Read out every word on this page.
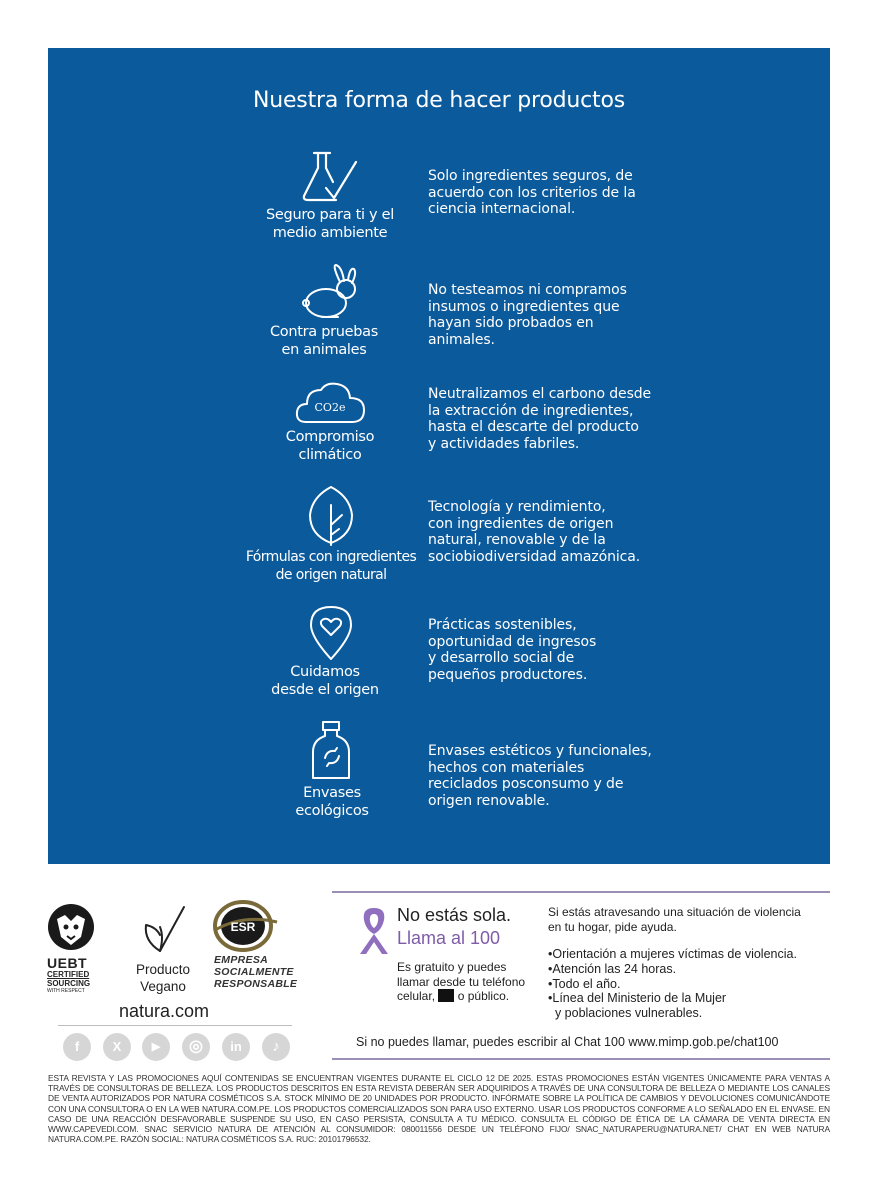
Nuestra forma de hacer productos
Seguro para ti y el
medio ambiente
Solo ingredientes seguros, de
acuerdo con los criterios de la
ciencia internacional.
Contra pruebas
en animales
No testeamos ni compramos
insumos o ingredientes que
hayan sido probados en
animales.
CO2e
Compromiso
climático
Neutralizamos el carbono desde
la extracción de ingredientes,
hasta el descarte del producto
y actividades fabriles.
Fórmulas con ingredientes
de origen natural
Tecnología y rendimiento,
con ingredientes de origen
natural, renovable y de la
sociobiodiversidad amazónica.
Cuidamos
desde el origen
Prácticas sostenibles,
oportunidad de ingresos
y desarrollo social de
pequeños productores.
Envases
ecológicos
Envases estéticos y funcionales,
hechos con materiales
reciclados posconsumo y de
origen renovable.
UEBT
CERTIFIED
SOURCING
WITH RESPECT
Producto
Vegano
ESR
EMPRESA
SOCIALMENTE
RESPONSABLE
natura.com
f	X	▶	◎	in	♪
No estás sola.
Llama al 100
Es gratuito y puedes llamar desde tu teléfono celular, o público.
Si estás atravesando una situación de violencia en tu hogar, pide ayuda.
•Orientación a mujeres víctimas de violencia.
•Atención las 24 horas.
•Todo el año.
•Línea del Ministerio de la Mujer
y poblaciones vulnerables.
Si no puedes llamar, puedes escribir al Chat 100 www.mimp.gob.pe/chat100
ESTA REVISTA Y LAS PROMOCIONES AQUÍ CONTENIDAS SE ENCUENTRAN VIGENTES DURANTE EL CICLO 12 DE 2025. ESTAS PROMOCIONES ESTÁN VIGENTES ÚNICAMENTE PARA VENTAS A TRAVÉS DE CONSULTORAS DE BELLEZA. LOS PRODUCTOS DESCRITOS EN ESTA REVISTA DEBERÁN SER ADQUIRIDOS A TRAVÉS DE UNA CONSULTORA DE BELLEZA O MEDIANTE LOS CANALES DE VENTA AUTORIZADOS POR NATURA COSMÉTICOS S.A. STOCK MÍNIMO DE 20 UNIDADES POR PRODUCTO. INFÓRMATE SOBRE LA POLÍTICA DE CAMBIOS Y DEVOLUCIONES COMUNICÁNDOTE CON UNA CONSULTORA O EN LA WEB NATURA.COM.PE. LOS PRODUCTOS COMERCIALIZADOS SON PARA USO EXTERNO. USAR LOS PRODUCTOS CONFORME A LO SEÑALADO EN EL ENVASE. EN CASO DE UNA REACCIÓN DESFAVORABLE SUSPENDE SU USO, EN CASO PERSISTA, CONSULTA A TU MÉDICO. CONSULTA EL CÓDIGO DE ÉTICA DE LA CÁMARA DE VENTA DIRECTA EN WWW.CAPEVEDI.COM. SNAC SERVICIO NATURA DE ATENCIÓN AL CONSUMIDOR: 080011556 DESDE UN TELÉFONO FIJO/ SNAC_NATURAPERU@NATURA.NET/ CHAT EN WEB NATURA NATURA.COM.PE. RAZÓN SOCIAL: NATURA COSMÉTICOS S.A. RUC: 20101796532.
